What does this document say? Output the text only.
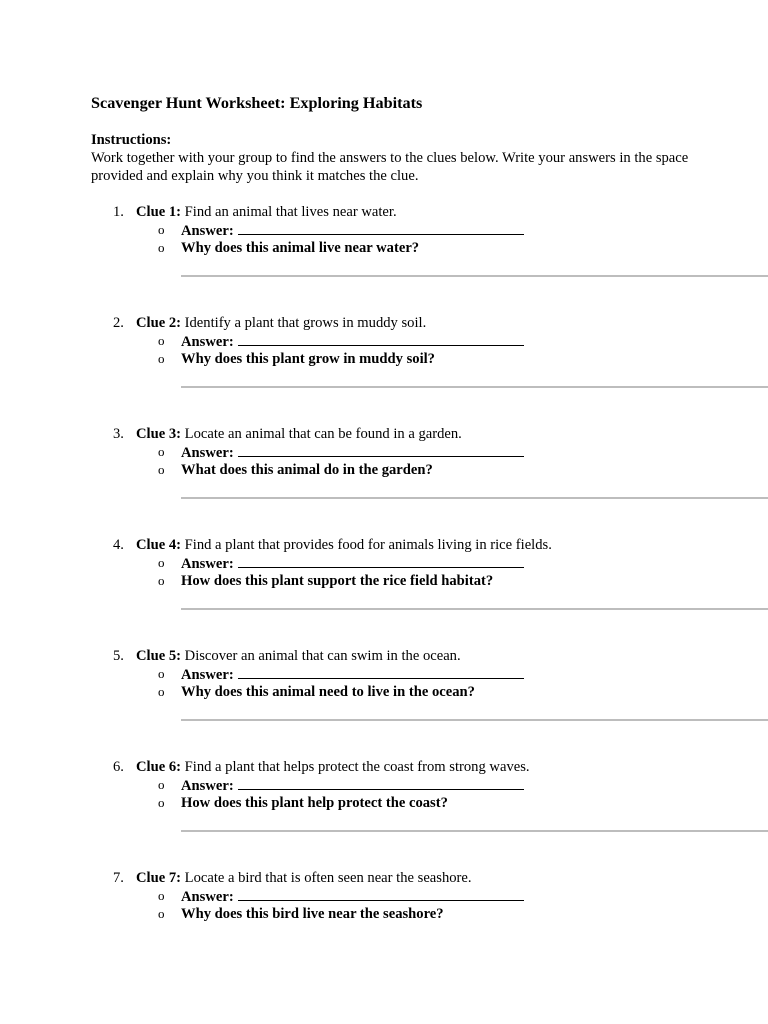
Scavenger Hunt Worksheet: Exploring Habitats
Instructions:
Work together with your group to find the answers to the clues below. Write your answers in the space provided and explain why you think it matches the clue.
1. Clue 1: Find an animal that lives near water.
o Answer:
o Why does this animal live near water?
2. Clue 2: Identify a plant that grows in muddy soil.
o Answer:
o Why does this plant grow in muddy soil?
3. Clue 3: Locate an animal that can be found in a garden.
o Answer:
o What does this animal do in the garden?
4. Clue 4: Find a plant that provides food for animals living in rice fields.
o Answer:
o How does this plant support the rice field habitat?
5. Clue 5: Discover an animal that can swim in the ocean.
o Answer:
o Why does this animal need to live in the ocean?
6. Clue 6: Find a plant that helps protect the coast from strong waves.
o Answer:
o How does this plant help protect the coast?
7. Clue 7: Locate a bird that is often seen near the seashore.
o Answer:
o Why does this bird live near the seashore?
